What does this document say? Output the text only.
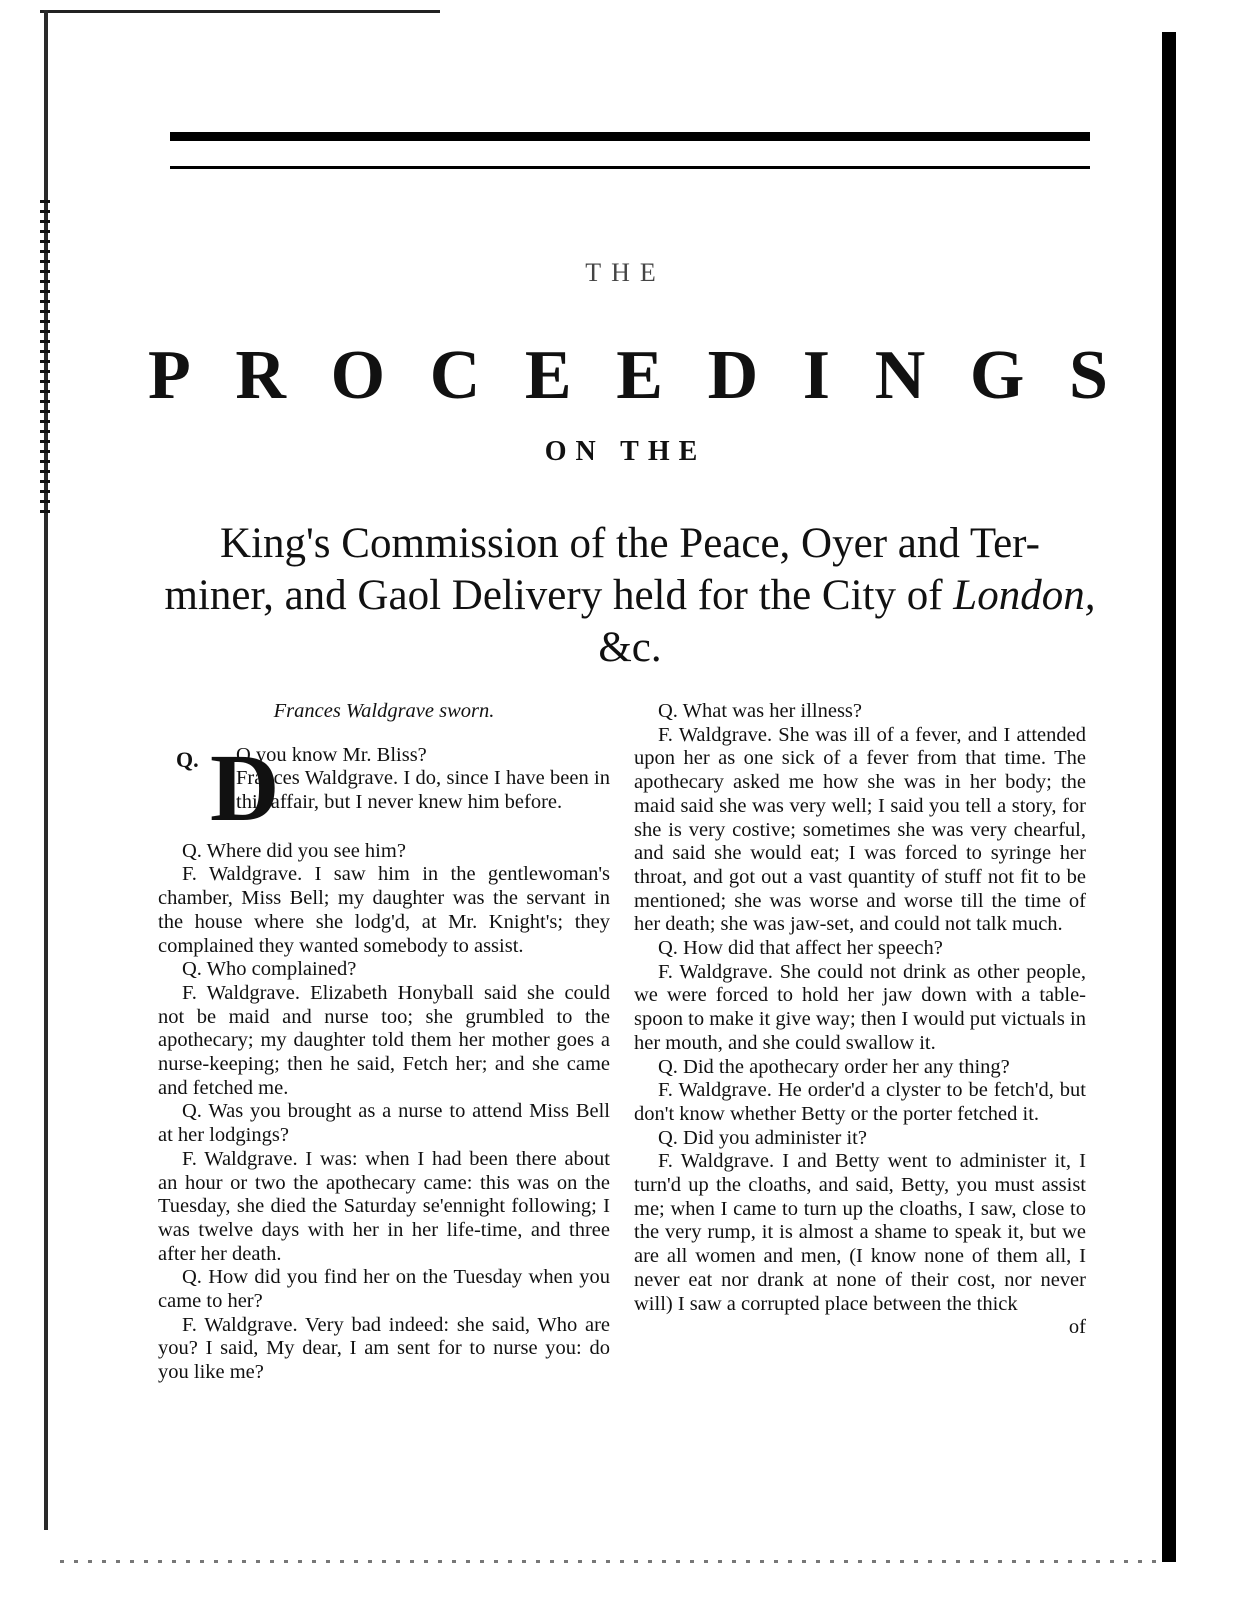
THE
P R O C E E D I N G S
ON THE
King's Commission of the Peace, Oyer and Ter-
miner, and Gaol Delivery held for the City of London, &c.

Frances Waldgrave sworn.

Q. D
O you know Mr. Bliss?
Frances Waldgrave. I do, since I have been in this affair, but I never knew him before.

Q. Where did you see him?

F. Waldgrave. I saw him in the gentlewoman's chamber, Miss Bell; my daughter was the servant in the house where she lodg'd, at Mr. Knight's; they complained they wanted somebody to assist.

Q. Who complained?

F. Waldgrave. Elizabeth Honyball said she could not be maid and nurse too; she grumbled to the apothecary; my daughter told them her mother goes a nurse-keeping; then he said, Fetch her; and she came and fetched me.

Q. Was you brought as a nurse to attend Miss Bell at her lodgings?

F. Waldgrave. I was: when I had been there about an hour or two the apothecary came: this was on the Tuesday, she died the Saturday se'ennight following; I was twelve days with her in her life-time, and three after her death.

Q. How did you find her on the Tuesday when you came to her?

F. Waldgrave. Very bad indeed: she said, Who are you? I said, My dear, I am sent for to nurse you: do you like me?

Q. What was her illness?

F. Waldgrave. She was ill of a fever, and I attended upon her as one sick of a fever from that time. The apothecary asked me how she was in her body; the maid said she was very well; I said you tell a story, for she is very costive; sometimes she was very chearful, and said she would eat; I was forced to syringe her throat, and got out a vast quantity of stuff not fit to be mentioned; she was worse and worse till the time of her death; she was jaw-set, and could not talk much.

Q. How did that affect her speech?

F. Waldgrave. She could not drink as other people, we were forced to hold her jaw down with a table-spoon to make it give way; then I would put victuals in her mouth, and she could swallow it.

Q. Did the apothecary order her any thing?

F. Waldgrave. He order'd a clyster to be fetch'd, but don't know whether Betty or the porter fetched it.

Q. Did you administer it?

F. Waldgrave. I and Betty went to administer it, I turn'd up the cloaths, and said, Betty, you must assist me; when I came to turn up the cloaths, I saw, close to the very rump, it is almost a shame to speak it, but we are all women and men, (I know none of them all, I never eat nor drank at none of their cost, nor never will) I saw a corrupted place between the thick

of
